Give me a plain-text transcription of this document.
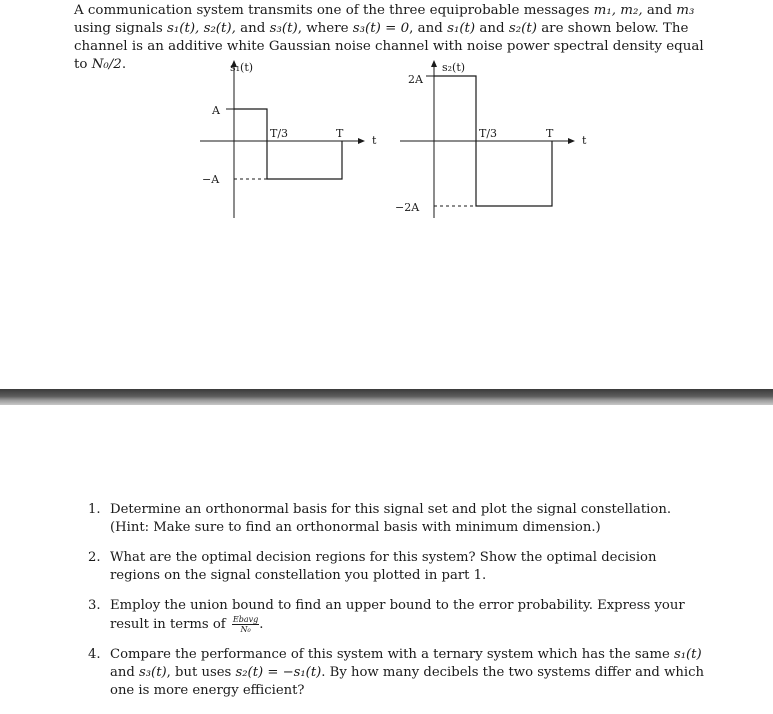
A communication system transmits one of the three equiprobable messages m₁, m₂, and m₃ using signals s₁(t), s₂(t), and s₃(t), where s₃(t) = 0, and s₁(t) and s₂(t) are shown below. The channel is an additive white Gaussian noise channel with noise power spectral density equal to N₀/2.	s₁(t)
A
−A
T/3	T
t
s₂(t)
2A
−2A
T/3	T
t
1. Determine an orthonormal basis for this signal set and plot the signal constellation. (Hint: Make sure to find an orthonormal basis with minimum dimension.)
2. What are the optimal decision regions for this system? Show the optimal decision regions on the signal constellation you plotted in part 1.
3. Employ the union bound to find an upper bound to the error probability. Express your result in terms of $\frac{\text{Ebavg}}{\text{N₀}}$ .
4. Compare the performance of this system with a ternary system which has the same s₁(t) and s₃(t), but uses s₂(t) = −s₁(t). By how many decibels the two systems differ and which one is more energy efficient?
